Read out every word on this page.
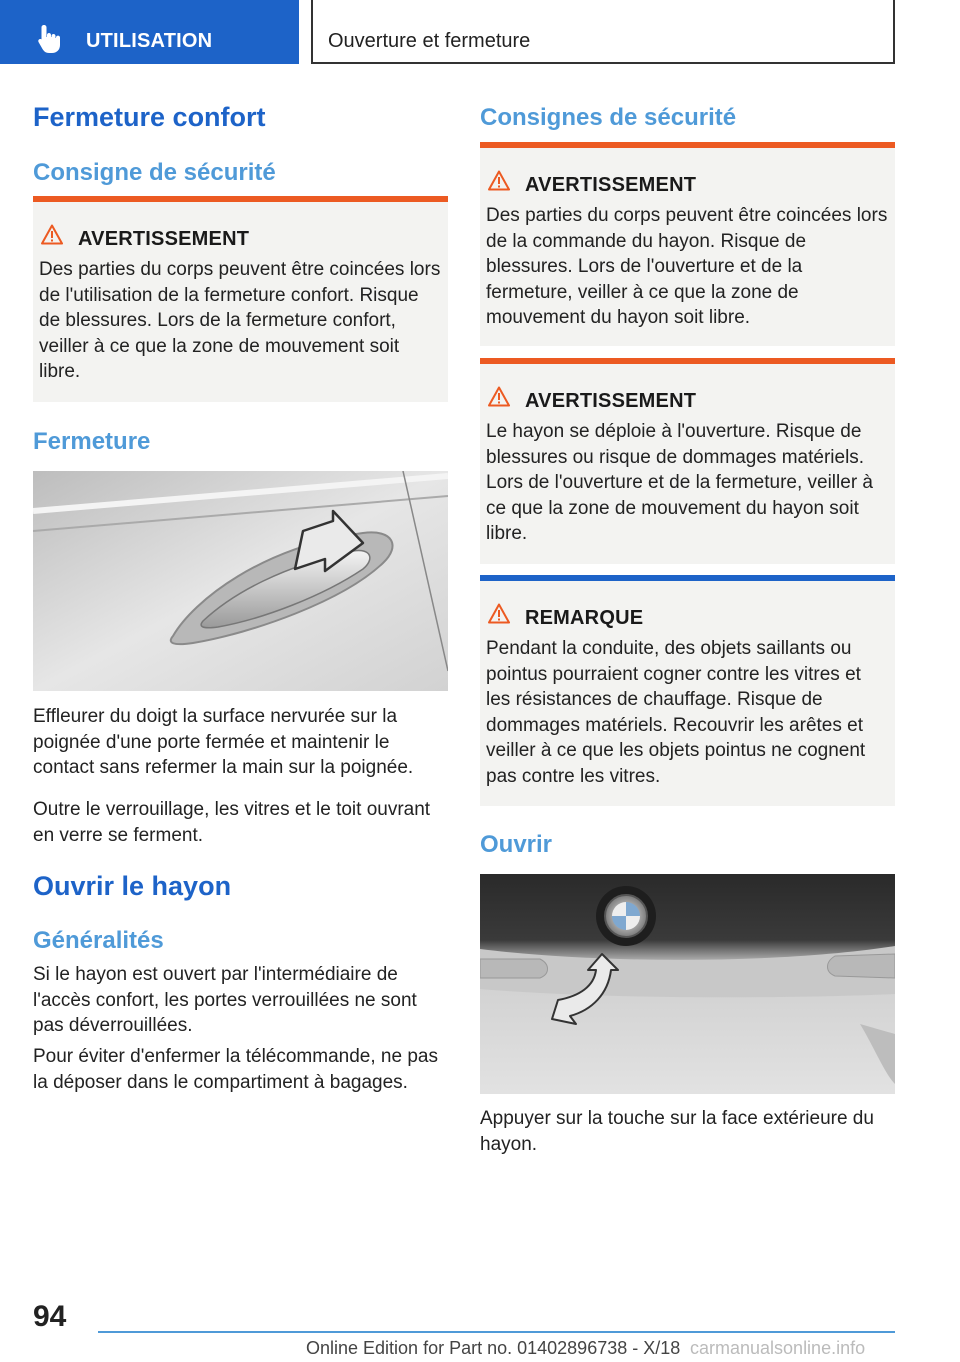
UTILISATION	Ouverture et fermeture
Fermeture confort
Consigne de sécurité
AVERTISSEMENT
Des parties du corps peuvent être coincées lors de l'utilisation de la fermeture confort. Risque de blessures. Lors de la fermeture confort, veiller à ce que la zone de mouvement soit libre.
Fermeture
Effleurer du doigt la surface nervurée sur la poignée d'une porte fermée et maintenir le contact sans refermer la main sur la poignée.
Outre le verrouillage, les vitres et le toit ouvrant en verre se ferment.
Ouvrir le hayon
Généralités
Si le hayon est ouvert par l'intermédiaire de l'accès confort, les portes verrouillées ne sont pas déverrouillées.
Pour éviter d'enfermer la télécommande, ne pas la déposer dans le compartiment à bagages.
Consignes de sécurité
AVERTISSEMENT
Des parties du corps peuvent être coincées lors de la commande du hayon. Risque de blessures. Lors de l'ouverture et de la fermeture, veiller à ce que la zone de mouvement du hayon soit libre.
AVERTISSEMENT
Le hayon se déploie à l'ouverture. Risque de blessures ou risque de dommages matériels. Lors de l'ouverture et de la fermeture, veiller à ce que la zone de mouvement du hayon soit libre.
REMARQUE
Pendant la conduite, des objets saillants ou pointus pourraient cogner contre les vitres et les résistances de chauffage. Risque de dommages matériels. Recouvrir les arêtes et veiller à ce que les objets pointus ne cognent pas contre les vitres.
Ouvrir
Appuyer sur la touche sur la face extérieure du hayon.
94
Online Edition for Part no. 01402896738 - X/18 carmanualsonline.info
